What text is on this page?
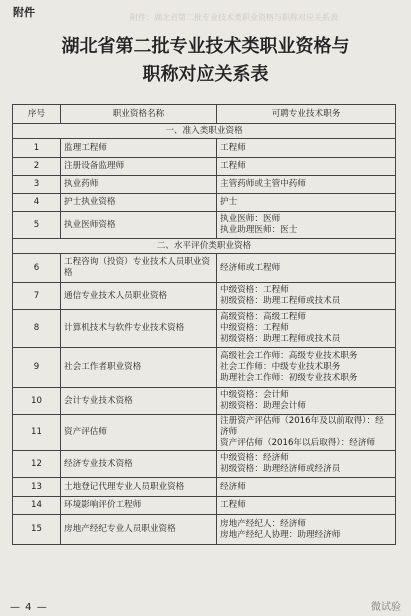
附件	附件：湖北省第二批专业技术类职业资格与职称对应关系表
湖北省第二批专业技术类职业资格与
职称对应关系表
序号	职业资格名称	可聘专业技术职务
一、准入类职业资格		
1	监理工程师	工程师

2	注册设备监理师	工程师

3	执业药师	主管药师或主管中药师

4	护士执业资格	护士

5	执业医师资格	执业医师：医师
执业助理医师：医士

二、水平评价类职业资格		
6	工程咨询（投资）专业技术人员职业资格	经济师或工程师

7	通信专业技术人员职业资格	中级资格：工程师
初级资格：助理工程师或技术员

8	计算机技术与软件专业技术资格	高级资格：高级工程师
中级资格：工程师
初级资格：助理工程师或技术员

9	社会工作者职业资格	高级社会工作师：高级专业技术职务
社会工作师：中级专业技术职务
助理社会工作师：初级专业技术职务

10	会计专业技术资格	中级资格：会计师
初级资格：助理会计师

11	资产评估师	注册资产评估师（2016年及以前取得）：经济师
资产评估师（2016年以后取得）：经济师

12	经济专业技术资格	中级资格：经济师
初级资格：助理经济师或经济员

13	土地登记代理专业人员职业资格	经济师

14	环境影响评价工程师	工程师

15	房地产经纪专业人员职业资格	房地产经纪人：经济师
房地产经纪人协理：助理经济师
— 4 —	微试验
